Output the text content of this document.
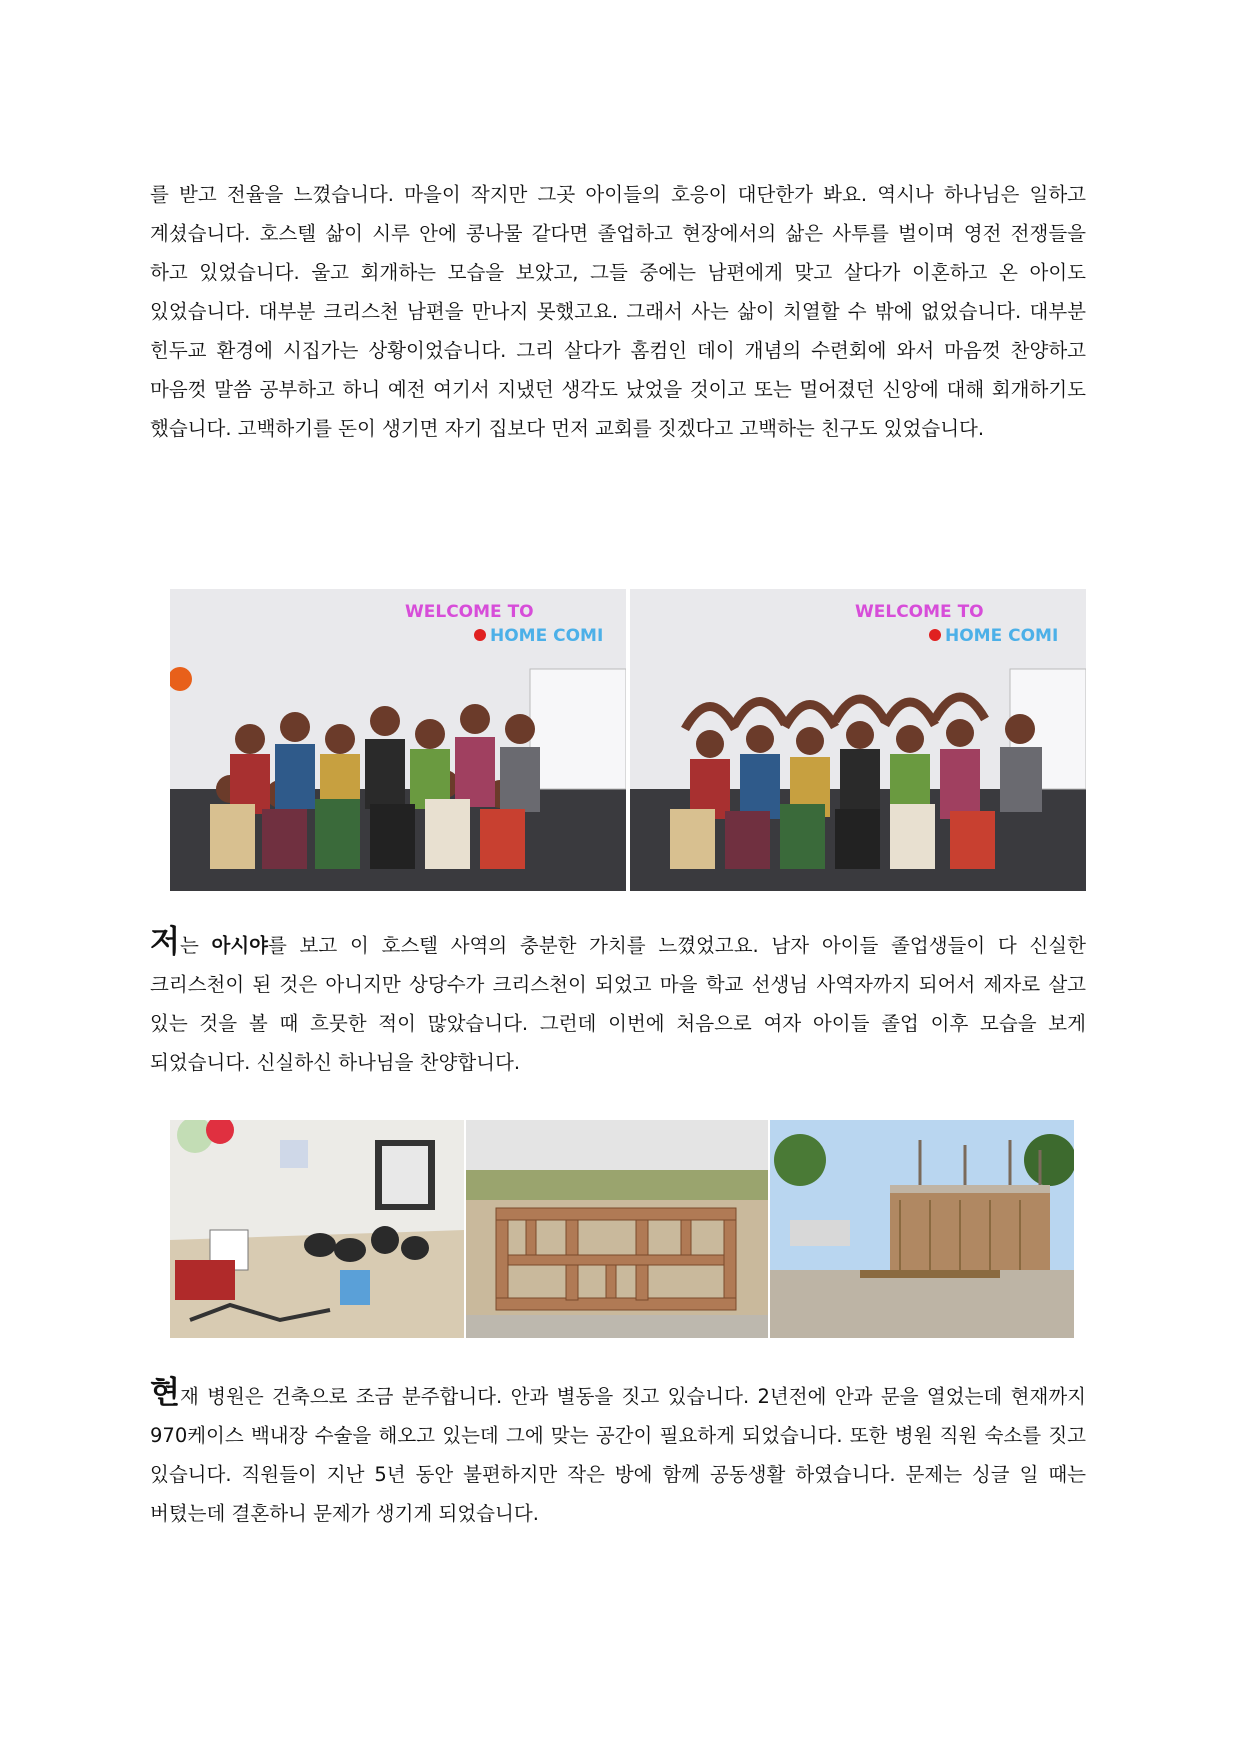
를 받고 전율을 느꼈습니다. 마을이 작지만 그곳 아이들의 호응이 대단한가 봐요. 역시나 하나님은 일하고 계셨습니다. 호스텔 삶이 시루 안에 콩나물 같다면 졸업하고 현장에서의 삶은 사투를 벌이며 영전 전쟁들을 하고 있었습니다. 울고 회개하는 모습을 보았고, 그들 중에는 남편에게 맞고 살다가 이혼하고 온 아이도 있었습니다. 대부분 크리스천 남편을 만나지 못했고요. 그래서 사는 삶이 치열할 수 밖에 없었습니다. 대부분 힌두교 환경에 시집가는 상황이었습니다. 그리 살다가 홈컴인 데이 개념의 수련회에 와서 마음껏 찬양하고 마음껏 말씀 공부하고 하니 예전 여기서 지냈던 생각도 났었을 것이고 또는 멀어졌던 신앙에 대해 회개하기도 했습니다. 고백하기를 돈이 생기면 자기 집보다 먼저 교회를 짓겠다고 고백하는 친구도 있었습니다.
WELCOME TO
HOME COMI
WELCOME TO
HOME COMI
저는 아시야를 보고 이 호스텔 사역의 충분한 가치를 느꼈었고요. 남자 아이들 졸업생들이 다 신실한 크리스천이 된 것은 아니지만 상당수가 크리스천이 되었고 마을 학교 선생님 사역자까지 되어서 제자로 살고 있는 것을 볼 때 흐뭇한 적이 많았습니다. 그런데 이번에 처음으로 여자 아이들 졸업 이후 모습을 보게 되었습니다. 신실하신 하나님을 찬양합니다.
현재 병원은 건축으로 조금 분주합니다. 안과 별동을 짓고 있습니다. 2년전에 안과 문을 열었는데 현재까지 970케이스 백내장 수술을 해오고 있는데 그에 맞는 공간이 필요하게 되었습니다. 또한 병원 직원 숙소를 짓고 있습니다. 직원들이 지난 5년 동안 불편하지만 작은 방에 함께 공동생활 하였습니다. 문제는 싱글 일 때는 버텼는데 결혼하니 문제가 생기게 되었습니다.
